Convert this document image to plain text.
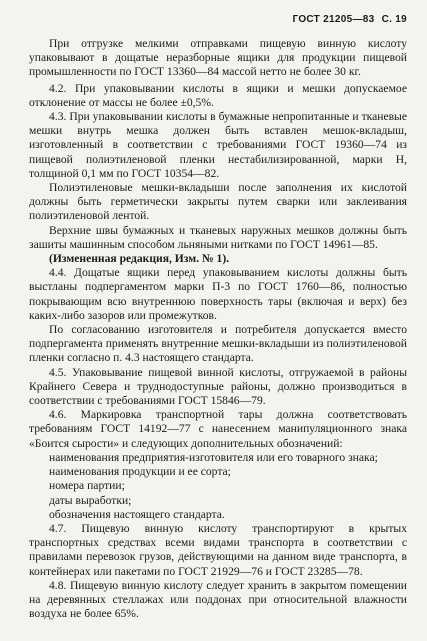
ГОСТ 21205—83 С. 19

При отгрузке мелкими отправками пищевую винную кислоту упаковывают в дощатые неразборные ящики для продукции пищевой промышленности по ГОСТ 13360—84 массой нетто не более 30 кг.

4.2. При упаковывании кислоты в ящики и мешки допускаемое отклонение от массы не более ±0,5%.

4.3. При упаковывании кислоты в бумажные непропитанные и тканевые мешки внутрь мешка должен быть вставлен мешок-вкладыш, изготовленный в соответствии с требованиями ГОСТ 19360—74 из пищевой полиэтиленовой пленки нестабилизированной, марки Н, толщиной 0,1 мм по ГОСТ 10354—82.

Полиэтиленовые мешки-вкладыши после заполнения их кислотой должны быть герметически закрыты путем сварки или заклеивания полиэтиленовой лентой.

Верхние швы бумажных и тканевых наружных мешков должны быть зашиты машинным способом льняными нитками по ГОСТ 14961—85.

(Измененная редакция, Изм. № 1).

4.4. Дощатые ящики перед упаковыванием кислоты должны быть выстланы подпергаментом марки П-3 по ГОСТ 1760—86, полностью покрывающим всю внутреннюю поверхность тары (включая и верх) без каких-либо зазоров или промежутков.

По согласованию изготовителя и потребителя допускается вместо подпергамента применять внутренние мешки-вкладыши из полиэтиленовой пленки согласно п. 4.3 настоящего стандарта.

4.5. Упаковывание пищевой винной кислоты, отгружаемой в районы Крайнего Севера и труднодоступные районы, должно производиться в соответствии с требованиями ГОСТ 15846—79.

4.6. Маркировка транспортной тары должна соответствовать требованиям ГОСТ 14192—77 с нанесением манипуляционного знака «Боится сырости» и следующих дополнительных обозначений:

наименования предприятия-изготовителя или его товарного знака;

наименования продукции и ее сорта;

номера партии;

даты выработки;

обозначения настоящего стандарта.

4.7. Пищевую винную кислоту транспортируют в крытых транспортных средствах всеми видами транспорта в соответствии с правилами перевозок грузов, действующими на данном виде транспорта, в контейнерах или пакетами по ГОСТ 21929—76 и ГОСТ 23285—78.

4.8. Пищевую винную кислоту следует хранить в закрытом помещении на деревянных стеллажах или поддонах при относительной влажности воздуха не более 65%.
